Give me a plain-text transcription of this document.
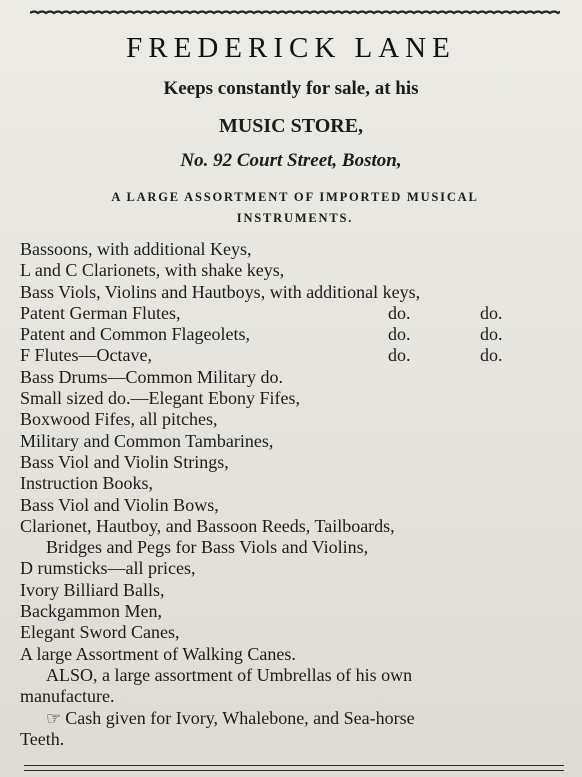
FREDERICK LANE
Keeps constantly for sale, at his
MUSIC STORE,
No. 92 Court Street, Boston,
A LARGE ASSORTMENT OF IMPORTED MUSICAL
INSTRUMENTS.
Bassoons, with additional Keys,
L and C Clarionets, with shake keys,
Bass Viols, Violins and Hautboys, with additional keys,
Patent German Flutes,	do.	do.
Patent and Common Flageolets,	do.	do.
F Flutes—Octave,	do.	do.
Bass Drums—Common Military do.
Small sized do.—Elegant Ebony Fifes,
Boxwood Fifes, all pitches,
Military and Common Tambarines,
Bass Viol and Violin Strings,
Instruction Books,
Bass Viol and Violin Bows,
Clarionet, Hautboy, and Bassoon Reeds, Tailboards,
Bridges and Pegs for Bass Viols and Violins,
D rumsticks—all prices,
Ivory Billiard Balls,
Backgammon Men,
Elegant Sword Canes,
A large Assortment of Walking Canes.
ALSO, a large assortment of Umbrellas of his own
manufacture.
☞ Cash given for Ivory, Whalebone, and Sea-horse
Teeth.
